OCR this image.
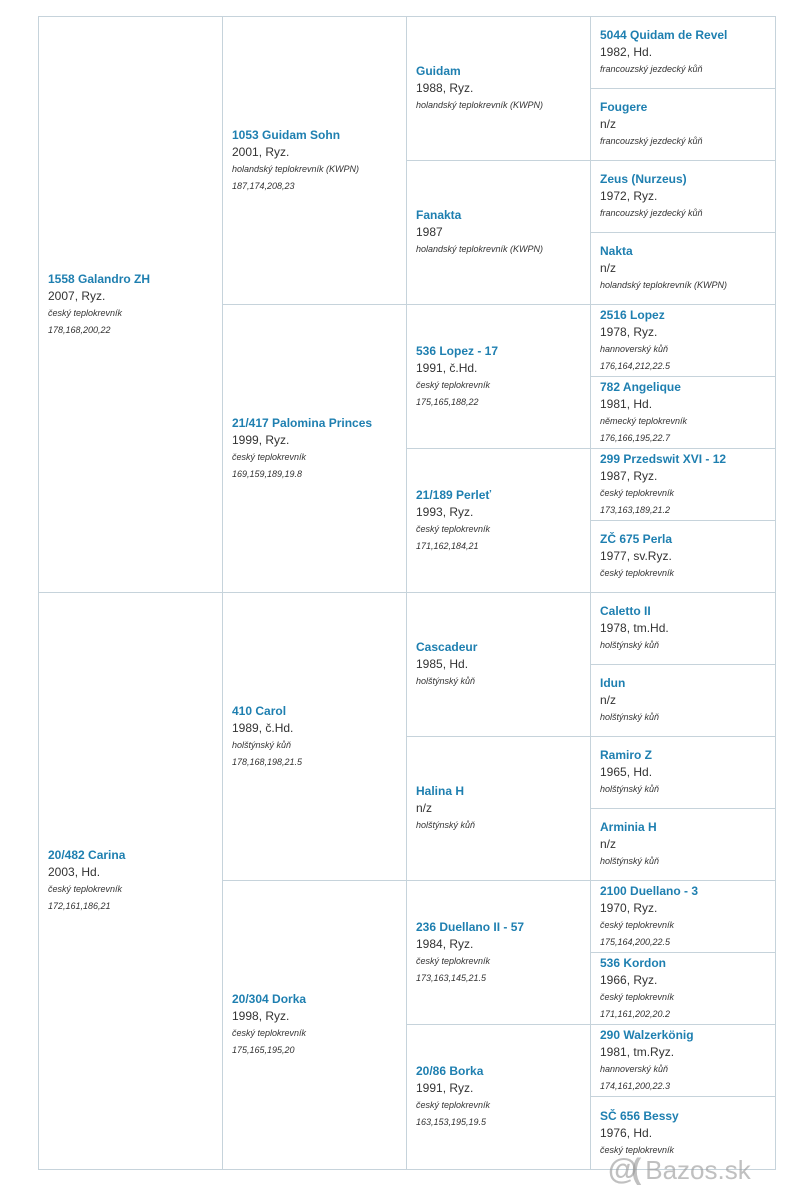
1558 Galandro ZH
2007, Ryz.
český teplokrevník
178,168,200,22
1053 Guidam Sohn
2001, Ryz.
holandský teplokrevník (KWPN)
187,174,208,23
Guidam
1988, Ryz.
holandský teplokrevník (KWPN)
5044 Quidam de Revel
1982, Hd.
francouzský jezdecký kůň
Fougere
n/z
francouzský jezdecký kůň
Fanakta
1987
holandský teplokrevník (KWPN)
Zeus (Nurzeus)
1972, Ryz.
francouzský jezdecký kůň
Nakta
n/z
holandský teplokrevník (KWPN)
21/417 Palomina Princes
1999, Ryz.
český teplokrevník
169,159,189,19.8
536 Lopez - 17
1991, č.Hd.
český teplokrevník
175,165,188,22
2516 Lopez
1978, Ryz.
hannoverský kůň
176,164,212,22.5
782 Angelique
1981, Hd.
německý teplokrevník
176,166,195,22.7
21/189 Perleť
1993, Ryz.
český teplokrevník
171,162,184,21
299 Przedswit XVI - 12
1987, Ryz.
český teplokrevník
173,163,189,21.2
ZČ 675 Perla
1977, sv.Ryz.
český teplokrevník
20/482 Carina
2003, Hd.
český teplokrevník
172,161,186,21
410 Carol
1989, č.Hd.
holštýnský kůň
178,168,198,21.5
Cascadeur
1985, Hd.
holštýnský kůň
Caletto II
1978, tm.Hd.
holštýnský kůň
Idun
n/z
holštýnský kůň
Halina H
n/z
holštýnský kůň
Ramiro Z
1965, Hd.
holštýnský kůň
Arminia H
n/z
holštýnský kůň
20/304 Dorka
1998, Ryz.
český teplokrevník
175,165,195,20
236 Duellano II - 57
1984, Ryz.
český teplokrevník
173,163,145,21.5
2100 Duellano - 3
1970, Ryz.
český teplokrevník
175,164,200,22.5
536 Kordon
1966, Ryz.
český teplokrevník
171,161,202,20.2
20/86 Borka
1991, Ryz.
český teplokrevník
163,153,195,19.5
290 Walzerkönig
1981, tm.Ryz.
hannoverský kůň
174,161,200,22.3
SČ 656 Bessy
1976, Hd.
český teplokrevník
@( Bazos.sk
